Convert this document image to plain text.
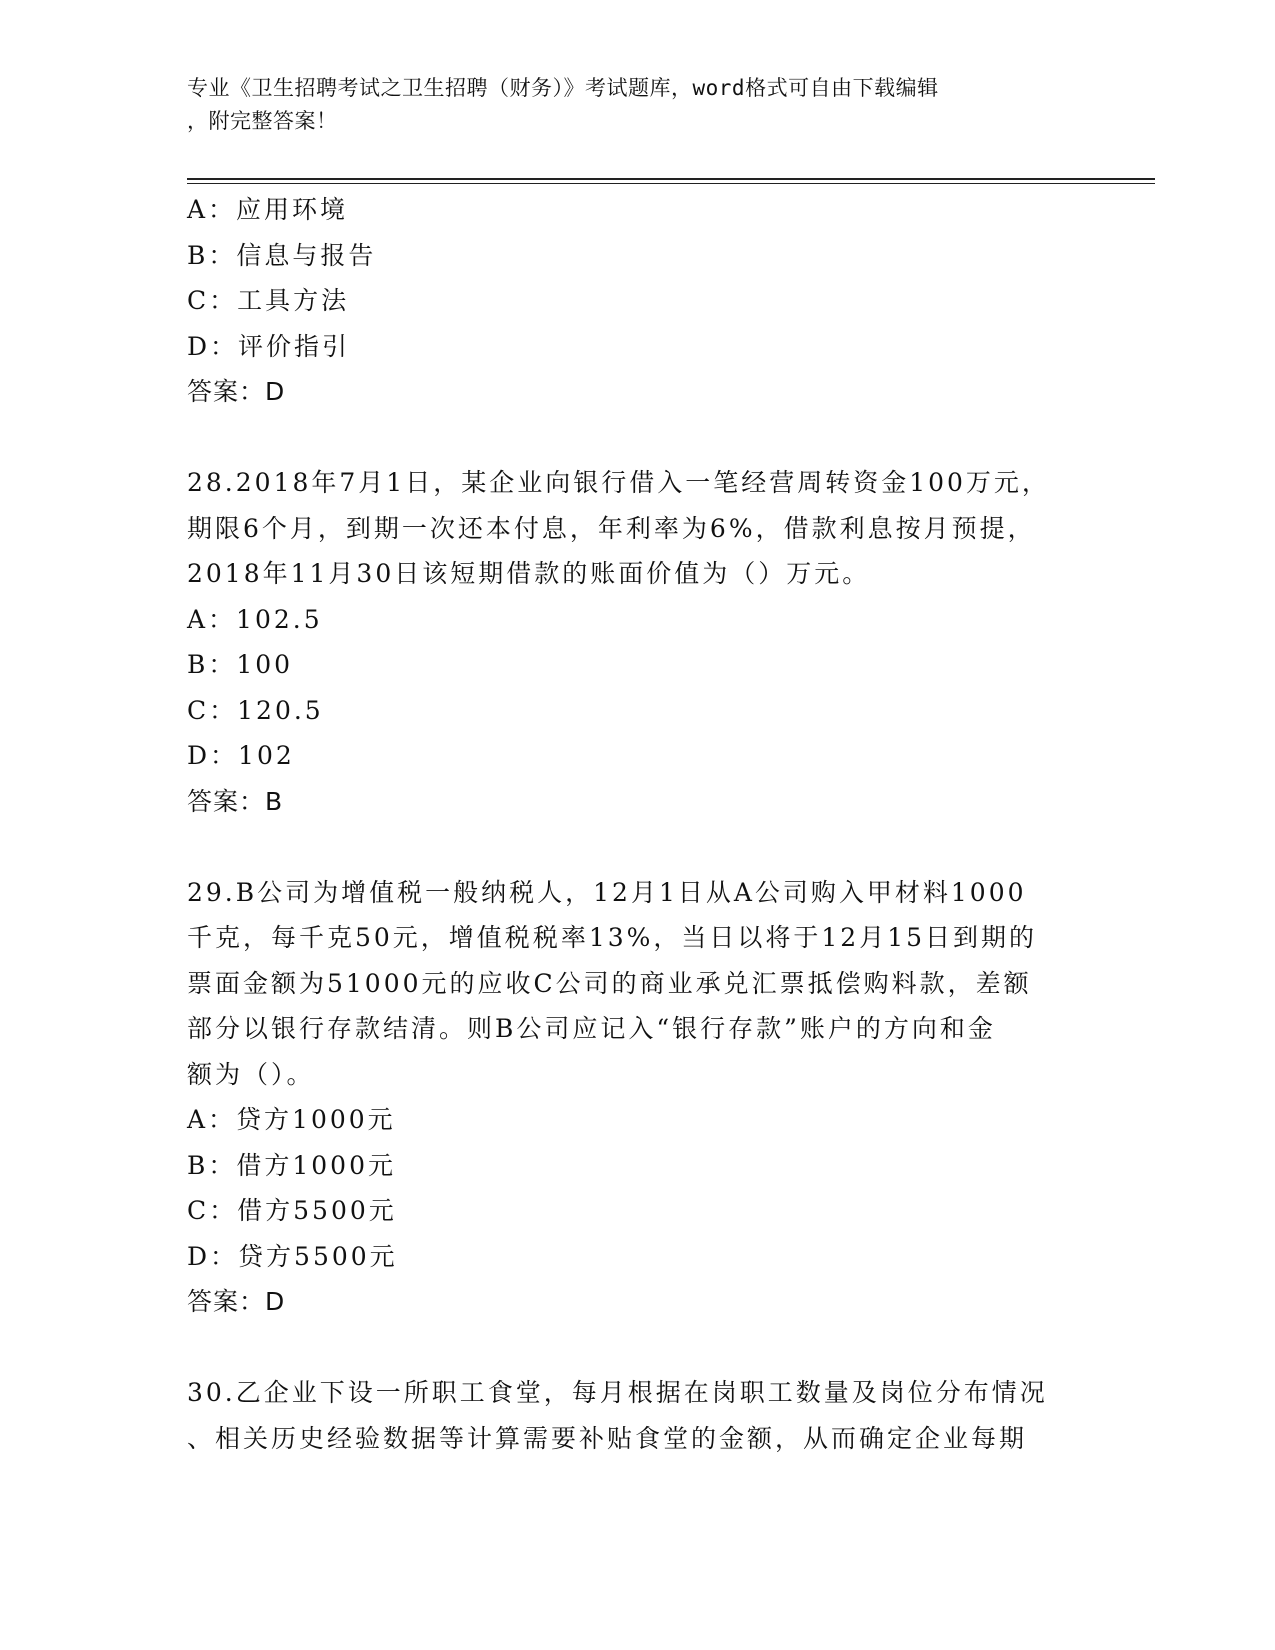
专业《卫生招聘考试之卫生招聘（财务）》考试题库，word格式可自由下载编辑
，附完整答案！
A：应用环境
B：信息与报告
C：工具方法
D：评价指引
答案：D
28.2018年7月1日，某企业向银行借入一笔经营周转资金100万元，
期限6个月，到期一次还本付息，年利率为6%，借款利息按月预提，
2018年11月30日该短期借款的账面价值为（）万元。
A：102.5
B：100
C：120.5
D：102
答案：B
29.B公司为增值税一般纳税人，12月1日从A公司购入甲材料1000
千克，每千克50元，增值税税率13%，当日以将于12月15日到期的
票面金额为51000元的应收C公司的商业承兑汇票抵偿购料款，差额
部分以银行存款结清。则B公司应记入“银行存款”账户的方向和金
额为（）。
A：贷方1000元
B：借方1000元
C：借方5500元
D：贷方5500元
答案：D
30.乙企业下设一所职工食堂，每月根据在岗职工数量及岗位分布情况
、相关历史经验数据等计算需要补贴食堂的金额，从而确定企业每期
